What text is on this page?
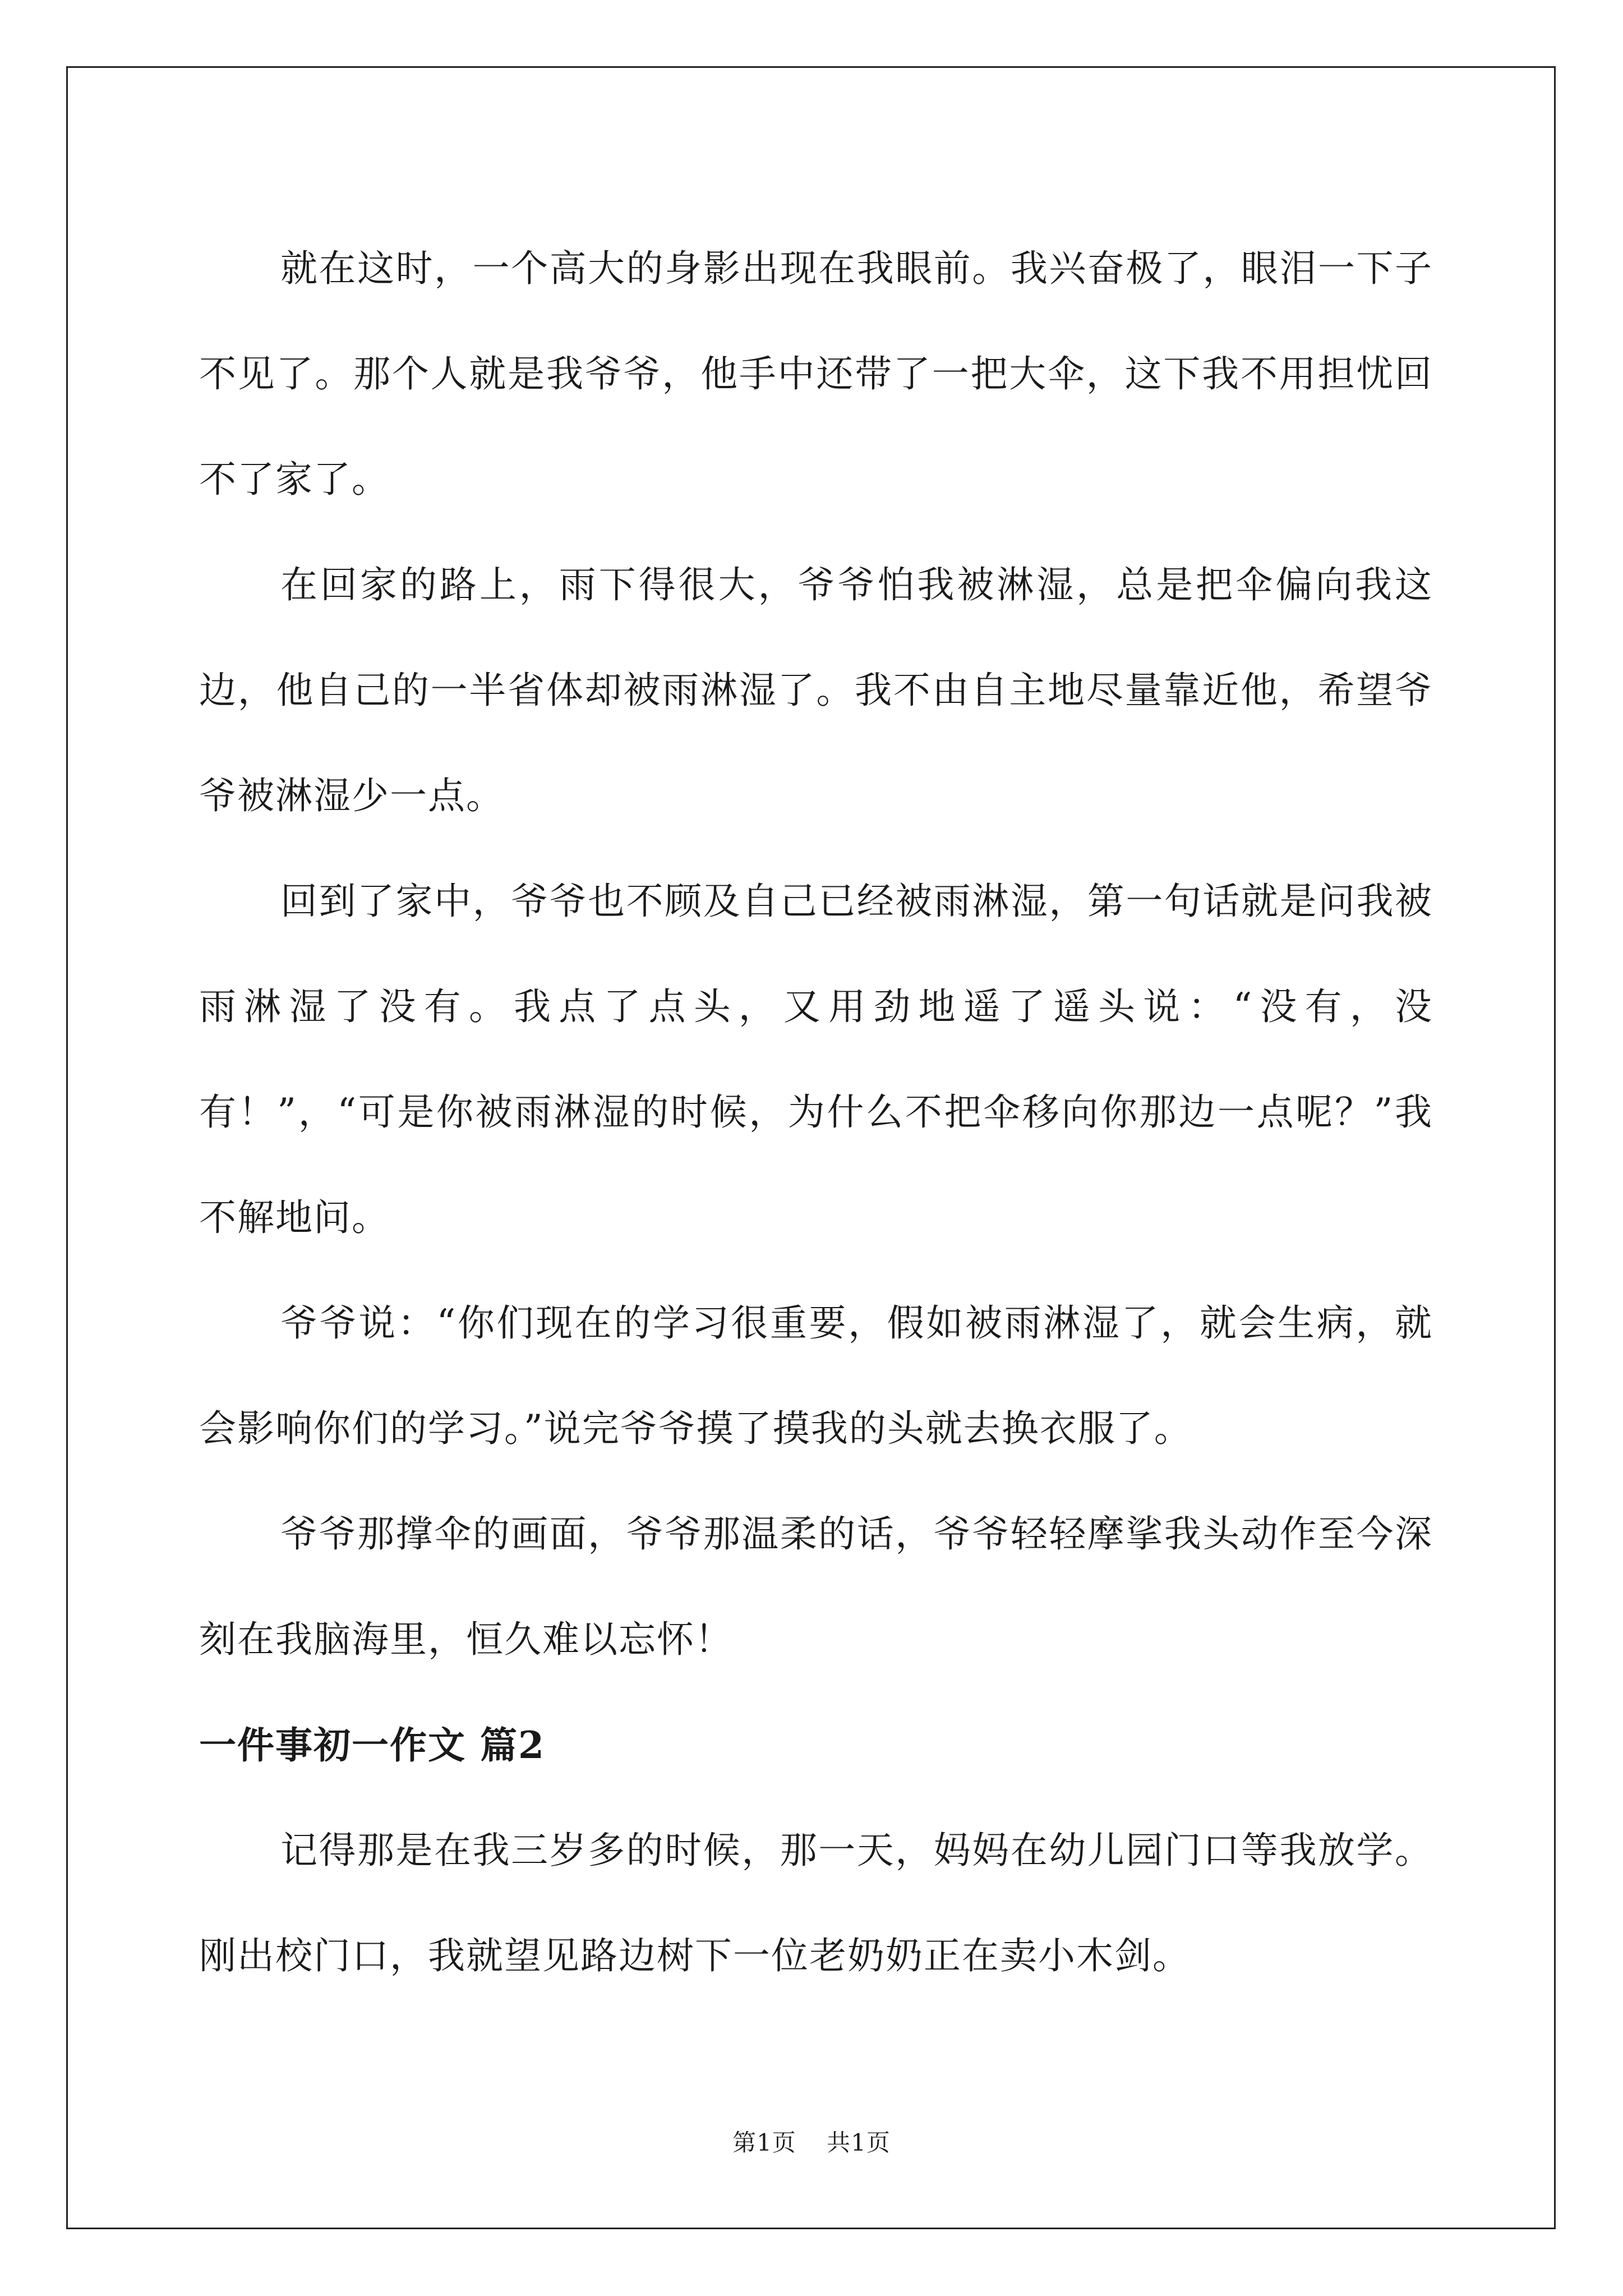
就在这时，一个高大的身影出现在我眼前。我兴奋极了，眼泪一下子不见了。那个人就是我爷爷，他手中还带了一把大伞，这下我不用担忧回不了家了。

在回家的路上，雨下得很大，爷爷怕我被淋湿，总是把伞偏向我这边，他自己的一半省体却被雨淋湿了。我不由自主地尽量靠近他，希望爷爷被淋湿少一点。

回到了家中，爷爷也不顾及自己已经被雨淋湿，第一句话就是问我被雨淋湿了没有。我点了点头，又用劲地遥了遥头说：“没有，没有！”，“可是你被雨淋湿的时候，为什么不把伞移向你那边一点呢？”我不解地问。

爷爷说：“你们现在的学习很重要，假如被雨淋湿了，就会生病，就会影响你们的学习。”说完爷爷摸了摸我的头就去换衣服了。

爷爷那撑伞的画面，爷爷那温柔的话，爷爷轻轻摩挲我头动作至今深刻在我脑海里，恒久难以忘怀！

一件事初一作文 篇2

记得那是在我三岁多的时候，那一天，妈妈在幼儿园门口等我放学。刚出校门口，我就望见路边树下一位老奶奶正在卖小木剑。

第1页 共1页
